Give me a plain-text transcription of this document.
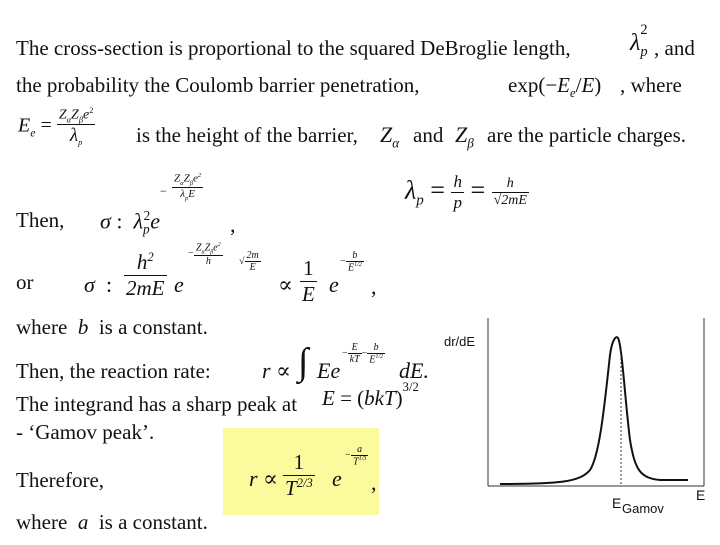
The cross-section is proportional to the squared DeBroglie length, λ p
2
, and
the probability the Coulomb barrier penetration,	$\exp(-E_e/E)$ , where
$E_e = \frac{Z_\alpha Z_\beta e^2}{\lambda_p}$ is the height of the barrier, $Z_\alpha$ and $Z_\beta$ are the particle charges.
Then, σ :  $\lambda_p^2e$
$\frac{Z_\alpha Z_\beta e^2}{\lambda_pE}$
−
,
$\lambda_p = \frac{h}{p} = \frac{h}{√2mE}$
or σ : $\frac{h^2}{2mE}$ e
−
$Z_\alpha Z_\beta e^2$
h	√ $\frac{2m}{E}$
∝ $\frac{1}{E}$ e
− $\frac{b}{E^{1/2}}$
,
where  b  is a constant.
Then, the reaction rate: r ∝ ∫ Ee
− $\frac{E}{kT} - \frac{b}{E^{1/2}}$
dE.
The integrand has a sharp peak at E = (bkT)$^{3/2}$
- ‘Gamov peak’.
Therefore,	$r \propto \frac{1}{T^{2/3}}$ e
− $\frac{a}{T^{1/3}}$
,
where  a  is a constant.
dr/dE
E Gamov
E
